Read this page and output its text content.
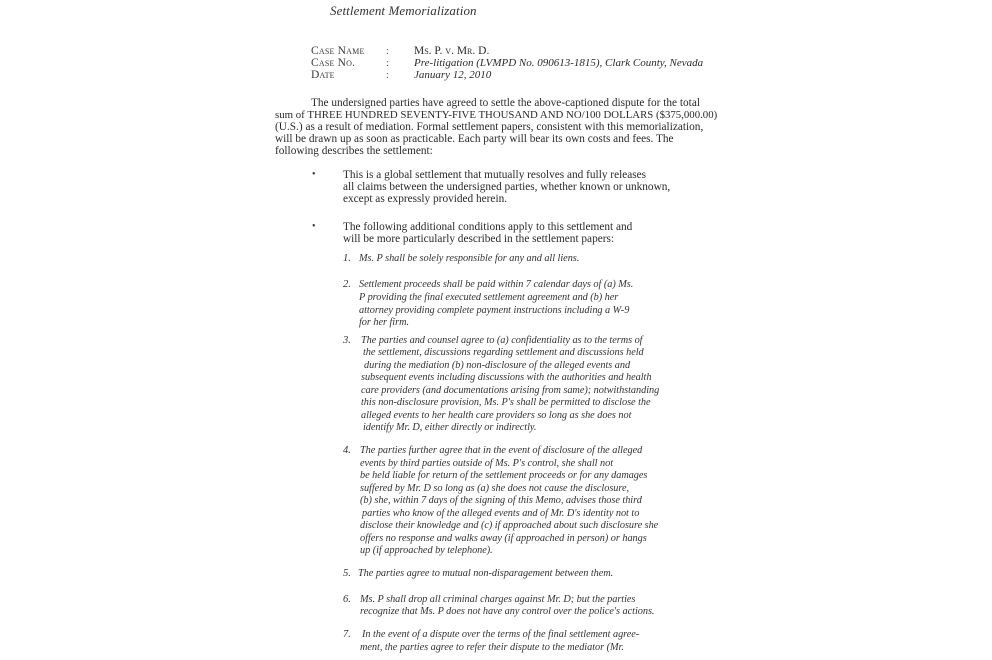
Settlement Memorialization
Case Name : Ms. P. v. Mr. D.
Case No.	: Pre-litigation (LVMPD No. 090613-1815), Clark County, Nevada
Date	: January 12, 2010
The undersigned parties have agreed to settle the above-captioned dispute for the total
sum of THREE HUNDRED SEVENTY-FIVE THOUSAND AND NO/100 DOLLARS ($375,000.00)
(U.S.) as a result of mediation. Formal settlement papers, consistent with this memorialization,
will be drawn up as soon as practicable. Each party will bear its own costs and fees. The
following describes the settlement:
• This is a global settlement that mutually resolves and fully releases
all claims between the undersigned parties, whether known or unknown,
except as expressly provided herein.
• The following additional conditions apply to this settlement and
will be more particularly described in the settlement papers:
1. Ms. P shall be solely responsible for any and all liens.
2. Settlement proceeds shall be paid within 7 calendar days of (a) Ms.
P providing the final executed settlement agreement and (b) her
attorney providing complete payment instructions including a W-9
for her firm.
3. The parties and counsel agree to (a) confidentiality as to the terms of
the settlement, discussions regarding settlement and discussions held
during the mediation (b) non-disclosure of the alleged events and
subsequent events including discussions with the authorities and health
care providers (and documentations arising from same); notwithstanding
this non-disclosure provision, Ms. P's shall be permitted to disclose the
alleged events to her health care providers so long as she does not
identify Mr. D, either directly or indirectly.
4. The parties further agree that in the event of disclosure of the alleged
events by third parties outside of Ms. P's control, she shall not
be held liable for return of the settlement proceeds or for any damages
suffered by Mr. D so long as (a) she does not cause the disclosure,
(b) she, within 7 days of the signing of this Memo, advises those third
parties who know of the alleged events and of Mr. D's identity not to
disclose their knowledge and (c) if approached about such disclosure she
offers no response and walks away (if approached in person) or hangs
up (if approached by telephone).
5. The parties agree to mutual non-disparagement between them.
6. Ms. P shall drop all criminal charges against Mr. D; but the parties
recognize that Ms. P does not have any control over the police's actions.
7. In the event of a dispute over the terms of the final settlement agree-
ment, the parties agree to refer their dispute to the mediator (Mr.
